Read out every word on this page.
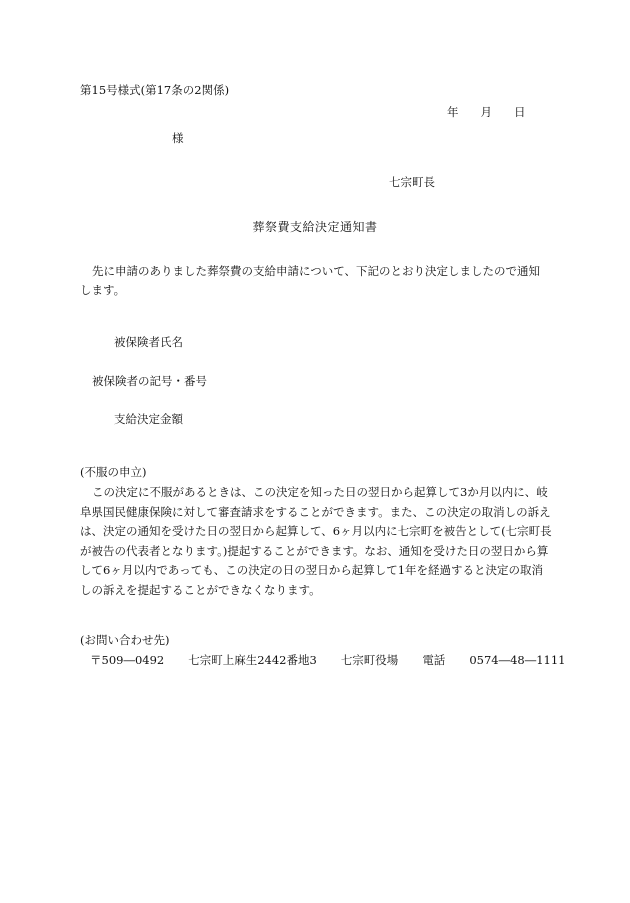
第15号様式(第17条の2関係)
年 月 日
様
七宗町長
葬祭費支給決定通知書
先に申請のありました葬祭費の支給申請について、下記のとおり決定しましたので通知します。
被保険者氏名
被保険者の記号・番号
支給決定金額
(不服の申立)
この決定に不服があるときは、この決定を知った日の翌日から起算して3か月以内に、岐阜県国民健康保険に対して審査請求をすることができます。また、この決定の取消しの訴えは、決定の通知を受けた日の翌日から起算して、6ヶ月以内に七宗町を被告として(七宗町長が被告の代表者となります。)提起することができます。なお、通知を受けた日の翌日から算して6ヶ月以内であっても、この決定の日の翌日から起算して1年を経過すると決定の取消しの訴えを提起することができなくなります。
(お問い合わせ先)
〒509―0492 七宗町上麻生2442番地3 七宗町役場 電話 0574―48―1111
